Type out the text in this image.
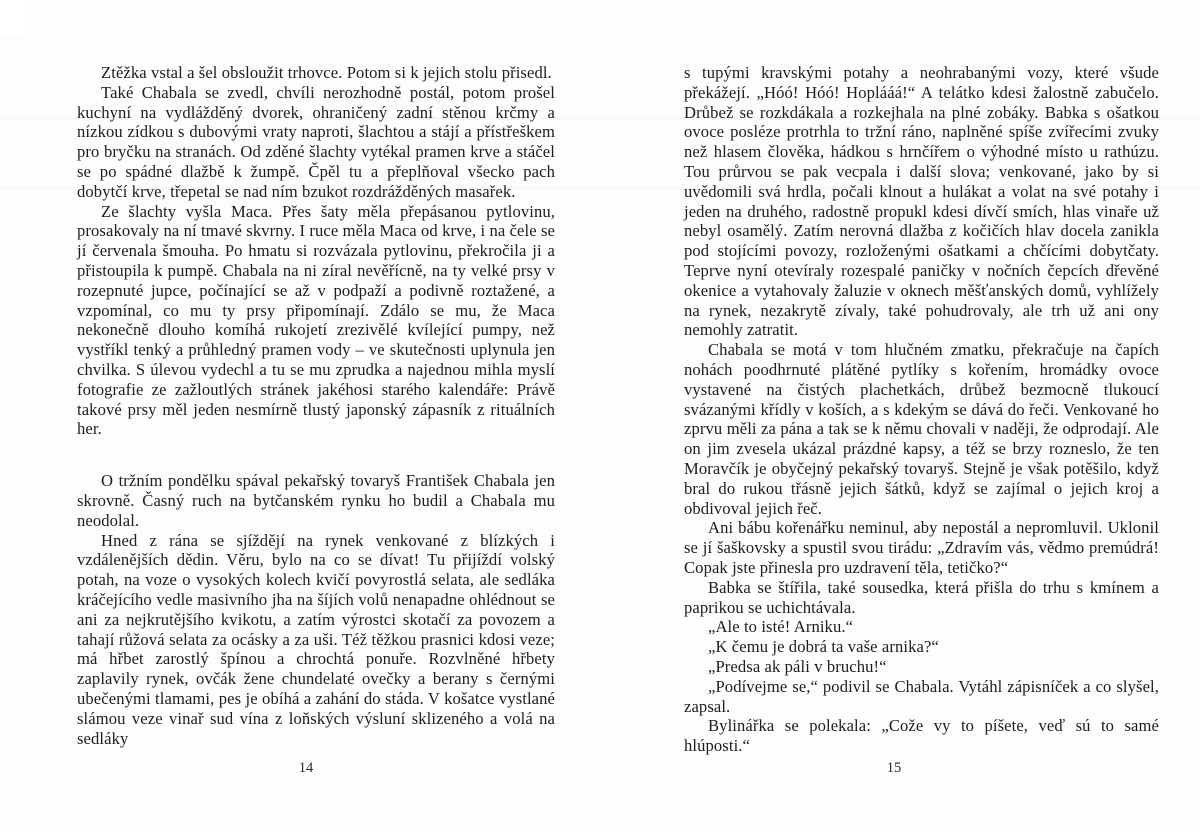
Ztěžka vstal a šel obsloužit trhovce. Potom si k jejich stolu přisedl.

Také Chabala se zvedl, chvíli nerozhodně postál, potom prošel kuchyní na vydlážděný dvorek, ohraničený zadní stěnou krčmy a nízkou zídkou s dubovými vraty naproti, šlachtou a stájí a přístřeškem pro bryčku na stranách. Od zděné šlachty vytékal pramen krve a stáčel se po spádné dlažbě k žumpě. Čpěl tu a přeplňoval všecko pach dobytčí krve, třepetal se nad ním bzukot rozdrážděných masařek.

Ze šlachty vyšla Maca. Přes šaty měla přepásanou pytlovinu, prosakovaly na ní tmavé skvrny. I ruce měla Maca od krve, i na čele se jí červenala šmouha. Po hmatu si rozvázala pytlovinu, překročila ji a přistoupila k pumpě. Chabala na ni zíral nevěřícně, na ty velké prsy v rozepnuté jupce, počínající se až v podpaží a podivně roztažené, a vzpomínal, co mu ty prsy připomínají. Zdálo se mu, že Maca nekonečně dlouho komíhá rukojetí zrezivělé kvílející pumpy, než vystříkl tenký a průhledný pramen vody – ve skutečnosti uplynula jen chvilka. S úlevou vydechl a tu se mu zprudka a najednou mihla myslí fotografie ze zažloutlých stránek jakéhosi starého kalendáře: Právě takové prsy měl jeden nesmírně tlustý japonský zápasník z rituálních her.

O tržním pondělku spával pekařský tovaryš František Chabala jen skrovně. Časný ruch na bytčanském rynku ho budil a Chabala mu neodolal.

Hned z rána se sjíždějí na rynek venkované z blízkých i vzdálenějších dědin. Věru, bylo na co se dívat! Tu přijíždí volský potah, na voze o vysokých kolech kvičí povyrostlá selata, ale sedláka kráčejícího vedle masivního jha na šíjích volů nenapadne ohlédnout se ani za nejkrutějšího kvikotu, a zatím výrostci skotačí za povozem a tahají růžová selata za ocásky a za uši. Též těžkou prasnici kdosi veze; má hřbet zarostlý špínou a chrochtá ponuře. Rozvlněné hřbety zaplavily rynek, ovčák žene chundelaté ovečky a berany s černými ubečenými tlamami, pes je obíhá a zahání do stáda. V košatce vystlané slámou veze vinař sud vína z loňských výsluní sklizeného a volá na sedláky

s tupými kravskými potahy a neohrabanými vozy, které všude překážejí. „Hóó! Hóó! Hoplááá!“ A telátko kdesi žalostně zabučelo. Drůbež se rozkdákala a rozkejhala na plné zobáky. Babka s ošatkou ovoce posléze protrhla to tržní ráno, naplněné spíše zvířecími zvuky než hlasem člověka, hádkou s hrnčířem o výhodné místo u rathúzu. Tou průrvou se pak vecpala i další slova; venkované, jako by si uvědomili svá hrdla, počali klnout a hulákat a volat na své potahy i jeden na druhého, radostně propukl kdesi dívčí smích, hlas vinaře už nebyl osamělý. Zatím nerovná dlažba z kočičích hlav docela zanikla pod stojícími povozy, rozloženými ošatkami a chčícími dobytčaty. Teprve nyní otevíraly rozespalé paničky v nočních čepcích dřevěné okenice a vytahovaly žaluzie v oknech měšťanských domů, vyhlížely na rynek, nezakrytě zívaly, také pohudrovaly, ale trh už ani ony nemohly zatratit.

Chabala se motá v tom hlučném zmatku, překračuje na čapích nohách poodhrnuté plátěné pytlíky s kořením, hromádky ovoce vystavené na čistých plachetkách, drůbež bezmocně tlukoucí svázanými křídly v koších, a s kdekým se dává do řeči. Venkované ho zprvu měli za pána a tak se k němu chovali v naději, že odprodají. Ale on jim zvesela ukázal prázdné kapsy, a též se brzy rozneslo, že ten Moravčík je obyčejný pekařský tovaryš. Stejně je však potěšilo, když bral do rukou třásně jejich šátků, když se zajímal o jejich kroj a obdivoval jejich řeč.

Ani bábu kořenářku neminul, aby nepostál a nepromluvil. Uklonil se jí šaškovsky a spustil svou tirádu: „Zdravím vás, vědmo premúdrá! Copak jste přinesla pro uzdravení těla, tetičko?“

Babka se štířila, také sousedka, která přišla do trhu s kmínem a paprikou se uchichtávala.

„Ale to isté! Arniku.“

„K čemu je dobrá ta vaše arnika?“

„Predsa ak páli v bruchu!“

„Podívejme se,“ podivil se Chabala. Vytáhl zápisníček a co slyšel, zapsal.

Bylinářka se polekala: „Cože vy to píšete, veď sú to samé hlúposti.“

14	15
